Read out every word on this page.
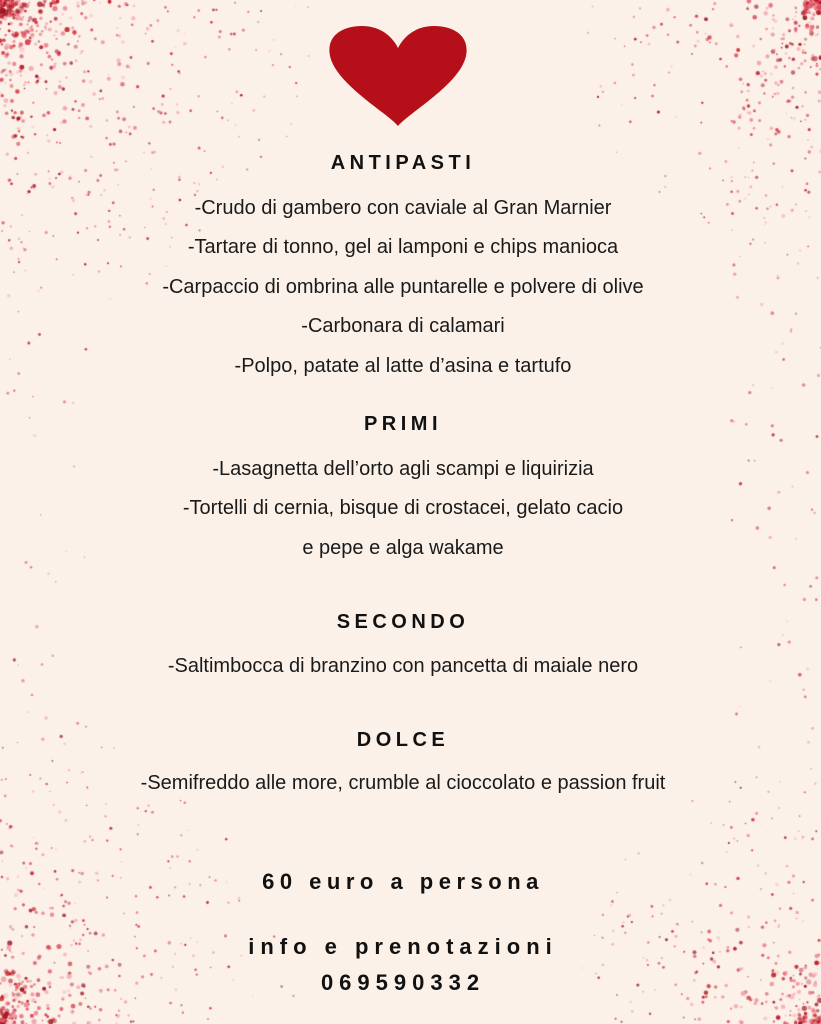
ANTIPASTI
-Crudo di gambero con caviale al Gran Marnier
-Tartare di tonno, gel ai lamponi e chips manioca
-Carpaccio di ombrina alle puntarelle e polvere di olive
-Carbonara di calamari
-Polpo, patate al latte d’asina e tartufo
PRIMI
-Lasagnetta dell’orto agli scampi e liquirizia
-Tortelli di cernia, bisque di crostacei, gelato cacio
e pepe e alga wakame
SECONDO
-Saltimbocca di branzino con pancetta di maiale nero
DOLCE
-Semifreddo alle more, crumble al cioccolato e passion fruit
60 euro a persona
info e prenotazioni
069590332
